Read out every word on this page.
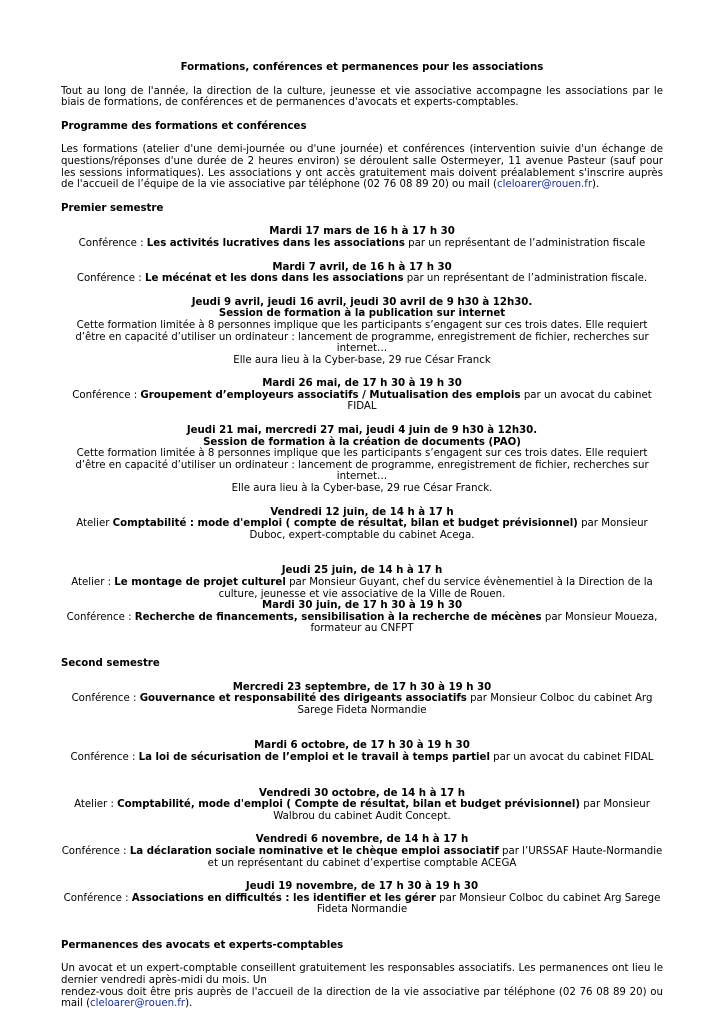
Formations, conférences et permanences pour les associations

Tout au long de l'année, la direction de la culture, jeunesse et vie associative accompagne les associations par le biais de formations, de conférences et de permanences d'avocats et experts-comptables.

Programme des formations et conférences

Les formations (atelier d'une demi-journée ou d'une journée) et conférences (intervention suivie d'un échange de questions/réponses d'une durée de 2 heures environ) se déroulent salle Ostermeyer, 11 avenue Pasteur (sauf pour les sessions informatiques). Les associations y ont accès gratuitement mais doivent préalablement s'inscrire auprès de l'accueil de l’équipe de la vie associative par téléphone (02 76 08 89 20) ou mail (cleloarer@rouen.fr).

Premier semestre

Mardi 17 mars de 16 h à 17 h 30
Conférence : Les activités lucratives dans les associations par un représentant de l’administration fiscale
Mardi 7 avril, de 16 h à 17 h 30
Conférence : Le mécénat et les dons dans les associations par un représentant de l’administration fiscale.
Jeudi 9 avril, jeudi 16 avril, jeudi 30 avril de 9 h30 à 12h30.
Session de formation à la publication sur internet
Cette formation limitée à 8 personnes implique que les participants s’engagent sur ces trois dates. Elle requiert d’être en capacité d’utiliser un ordinateur : lancement de programme, enregistrement de fichier, recherches sur internet…
Elle aura lieu à la Cyber-base, 29 rue César Franck
Mardi 26 mai, de 17 h 30 à 19 h 30
Conférence : Groupement d’employeurs associatifs / Mutualisation des emplois par un avocat du cabinet FIDAL
Jeudi 21 mai, mercredi 27 mai, jeudi 4 juin de 9 h30 à 12h30.
Session de formation à la création de documents (PAO)
Cette formation limitée à 8 personnes implique que les participants s’engagent sur ces trois dates. Elle requiert d’être en capacité d’utiliser un ordinateur : lancement de programme, enregistrement de fichier, recherches sur internet…
Elle aura lieu à la Cyber-base, 29 rue César Franck.
Vendredi 12 juin, de 14 h à 17 h
Atelier Comptabilité : mode d'emploi ( compte de résultat, bilan et budget prévisionnel) par Monsieur Duboc, expert-comptable du cabinet Acega.
Jeudi 25 juin, de 14 h à 17 h
Atelier : Le montage de projet culturel par Monsieur Guyant, chef du service évènementiel à la Direction de la culture, jeunesse et vie associative de la Ville de Rouen.
Mardi 30 juin, de 17 h 30 à 19 h 30
Conférence : Recherche de financements, sensibilisation à la recherche de mécènes par Monsieur Moueza, formateur au CNFPT

Second semestre

Mercredi 23 septembre, de 17 h 30 à 19 h 30
Conférence : Gouvernance et responsabilité des dirigeants associatifs par Monsieur Colboc du cabinet Arg Sarege Fideta Normandie
Mardi 6 octobre, de 17 h 30 à 19 h 30
Conférence : La loi de sécurisation de l’emploi et le travail à temps partiel par un avocat du cabinet FIDAL
Vendredi 30 octobre, de 14 h à 17 h
Atelier : Comptabilité, mode d'emploi ( Compte de résultat, bilan et budget prévisionnel) par Monsieur Walbrou du cabinet Audit Concept.
Vendredi 6 novembre, de 14 h à 17 h
Conférence : La déclaration sociale nominative et le chèque emploi associatif par l’URSSAF Haute-Normandie et un représentant du cabinet d’expertise comptable ACEGA
Jeudi 19 novembre, de 17 h 30 à 19 h 30
Conférence : Associations en difficultés : les identifier et les gérer par Monsieur Colboc du cabinet Arg Sarege Fideta Normandie

Permanences des avocats et experts-comptables

Un avocat et un expert-comptable conseillent gratuitement les responsables associatifs. Les permanences ont lieu le dernier vendredi après-midi du mois. Un

rendez-vous doit être pris auprès de l'accueil de la direction de la vie associative par téléphone (02 76 08 89 20) ou mail (cleloarer@rouen.fr).
